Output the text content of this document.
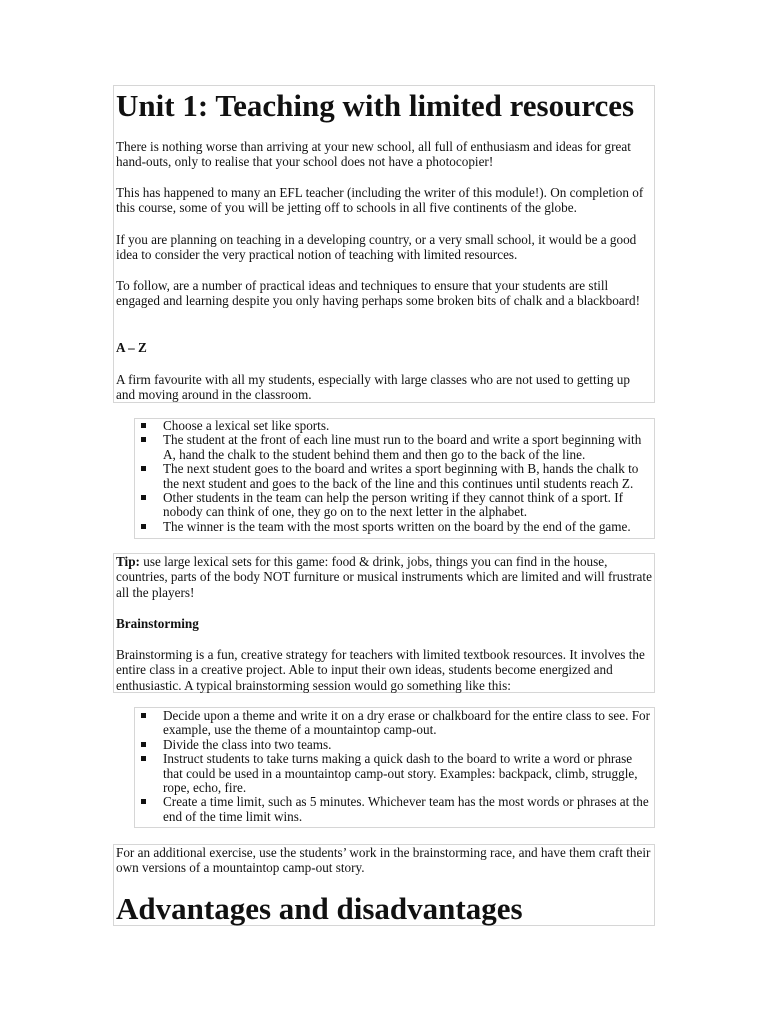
Unit 1: Teaching with limited resources

There is nothing worse than arriving at your new school, all full of enthusiasm and ideas for great hand-outs, only to realise that your school does not have a photocopier!

This has happened to many an EFL teacher (including the writer of this module!). On completion of this course, some of you will be jetting off to schools in all five continents of the globe.

If you are planning on teaching in a developing country, or a very small school, it would be a good idea to consider the very practical notion of teaching with limited resources.

To follow, are a number of practical ideas and techniques to ensure that your students are still engaged and learning despite you only having perhaps some broken bits of chalk and a blackboard!

A – Z

A firm favourite with all my students, especially with large classes who are not used to getting up and moving around in the classroom.

Choose a lexical set like sports.
The student at the front of each line must run to the board and write a sport beginning with A, hand the chalk to the student behind them and then go to the back of the line.
The next student goes to the board and writes a sport beginning with B, hands the chalk to the next student and goes to the back of the line and this continues until students reach Z.
Other students in the team can help the person writing if they cannot think of a sport. If nobody can think of one, they go on to the next letter in the alphabet.
The winner is the team with the most sports written on the board by the end of the game.

Tip: use large lexical sets for this game: food & drink, jobs, things you can find in the house, countries, parts of the body NOT furniture or musical instruments which are limited and will frustrate all the players!

Brainstorming

Brainstorming is a fun, creative strategy for teachers with limited textbook resources. It involves the entire class in a creative project. Able to input their own ideas, students become energized and enthusiastic. A typical brainstorming session would go something like this:

Decide upon a theme and write it on a dry erase or chalkboard for the entire class to see. For example, use the theme of a mountaintop camp-out.
Divide the class into two teams.
Instruct students to take turns making a quick dash to the board to write a word or phrase that could be used in a mountaintop camp-out story. Examples: backpack, climb, struggle, rope, echo, fire.
Create a time limit, such as 5 minutes. Whichever team has the most words or phrases at the end of the time limit wins.

For an additional exercise, use the students’ work in the brainstorming race, and have them craft their own versions of a mountaintop camp-out story.

Advantages and disadvantages
